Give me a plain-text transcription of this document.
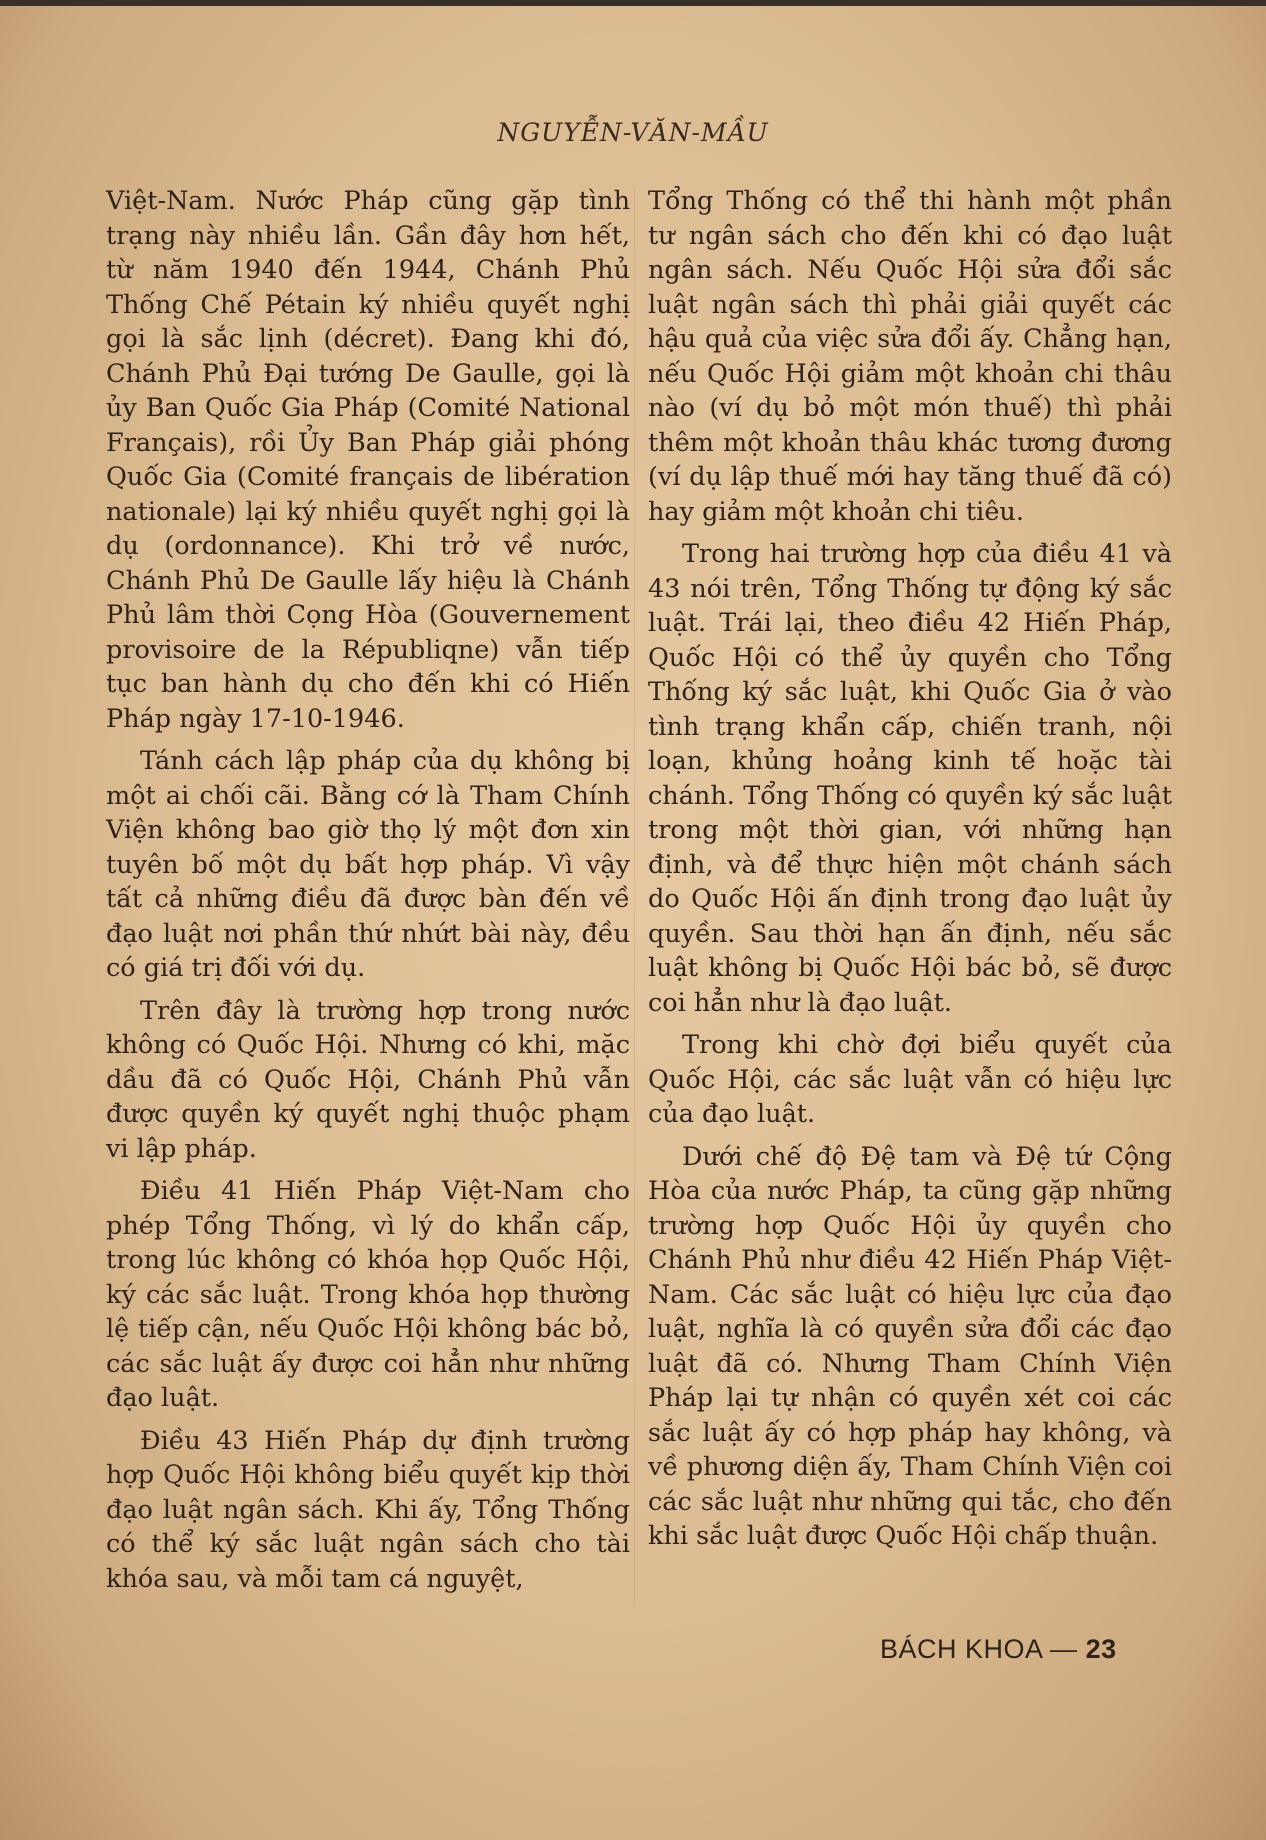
NGUYỄN-VĂN-MẦU

Việt-Nam. Nước Pháp cũng gặp tình trạng này nhiều lần. Gần đây hơn hết, từ năm 1940 đến 1944, Chánh Phủ Thống Chế Pétain ký nhiều quyết nghị gọi là sắc lịnh (décret). Đang khi đó, Chánh Phủ Đại tướng De Gaulle, gọi là ủy Ban Quốc Gia Pháp (Comité National Français), rồi Ủy Ban Pháp giải phóng Quốc Gia (Comité français de libération nationale) lại ký nhiều quyết nghị gọi là dụ (ordonnance). Khi trở về nước, Chánh Phủ De Gaulle lấy hiệu là Chánh Phủ lâm thời Cọng Hòa (Gouvernement provisoire de la Républiqne) vẫn tiếp tục ban hành dụ cho đến khi có Hiến Pháp ngày 17-10-1946.

Tánh cách lập pháp của dụ không bị một ai chối cãi. Bằng cớ là Tham Chính Viện không bao giờ thọ lý một đơn xin tuyên bố một dụ bất hợp pháp. Vì vậy tất cả những điều đã được bàn đến về đạo luật nơi phần thứ nhứt bài này, đều có giá trị đối với dụ.

Trên đây là trường hợp trong nước không có Quốc Hội. Nhưng có khi, mặc dầu đã có Quốc Hội, Chánh Phủ vẫn được quyền ký quyết nghị thuộc phạm vi lập pháp.

Điều 41 Hiến Pháp Việt-Nam cho phép Tổng Thống, vì lý do khẩn cấp, trong lúc không có khóa họp Quốc Hội, ký các sắc luật. Trong khóa họp thường lệ tiếp cận, nếu Quốc Hội không bác bỏ, các sắc luật ấy được coi hẳn như những đạo luật.

Điều 43 Hiến Pháp dự định trường hợp Quốc Hội không biểu quyết kịp thời đạo luật ngân sách. Khi ấy, Tổng Thống có thể ký sắc luật ngân sách cho tài khóa sau, và mỗi tam cá nguyệt,

Tổng Thống có thể thi hành một phần tư ngân sách cho đến khi có đạo luật ngân sách. Nếu Quốc Hội sửa đổi sắc luật ngân sách thì phải giải quyết các hậu quả của việc sửa đổi ấy. Chẳng hạn, nếu Quốc Hội giảm một khoản chi thâu nào (ví dụ bỏ một món thuế) thì phải thêm một khoản thâu khác tương đương (ví dụ lập thuế mới hay tăng thuế đã có) hay giảm một khoản chi tiêu.

Trong hai trường hợp của điều 41 và 43 nói trên, Tổng Thống tự động ký sắc luật. Trái lại, theo điều 42 Hiến Pháp, Quốc Hội có thể ủy quyền cho Tổng Thống ký sắc luật, khi Quốc Gia ở vào tình trạng khẩn cấp, chiến tranh, nội loạn, khủng hoảng kinh tế hoặc tài chánh. Tổng Thống có quyền ký sắc luật trong một thời gian, với những hạn định, và để thực hiện một chánh sách do Quốc Hội ấn định trong đạo luật ủy quyền. Sau thời hạn ấn định, nếu sắc luật không bị Quốc Hội bác bỏ, sẽ được coi hẳn như là đạo luật.

Trong khi chờ đợi biểu quyết của Quốc Hội, các sắc luật vẫn có hiệu lực của đạo luật.

Dưới chế độ Đệ tam và Đệ tứ Cộng Hòa của nước Pháp, ta cũng gặp những trường hợp Quốc Hội ủy quyền cho Chánh Phủ như điều 42 Hiến Pháp Việt-Nam. Các sắc luật có hiệu lực của đạo luật, nghĩa là có quyền sửa đổi các đạo luật đã có. Nhưng Tham Chính Viện Pháp lại tự nhận có quyền xét coi các sắc luật ấy có hợp pháp hay không, và về phương diện ấy, Tham Chính Viện coi các sắc luật như những qui tắc, cho đến khi sắc luật được Quốc Hội chấp thuận.

BÁCH KHOA — 23
